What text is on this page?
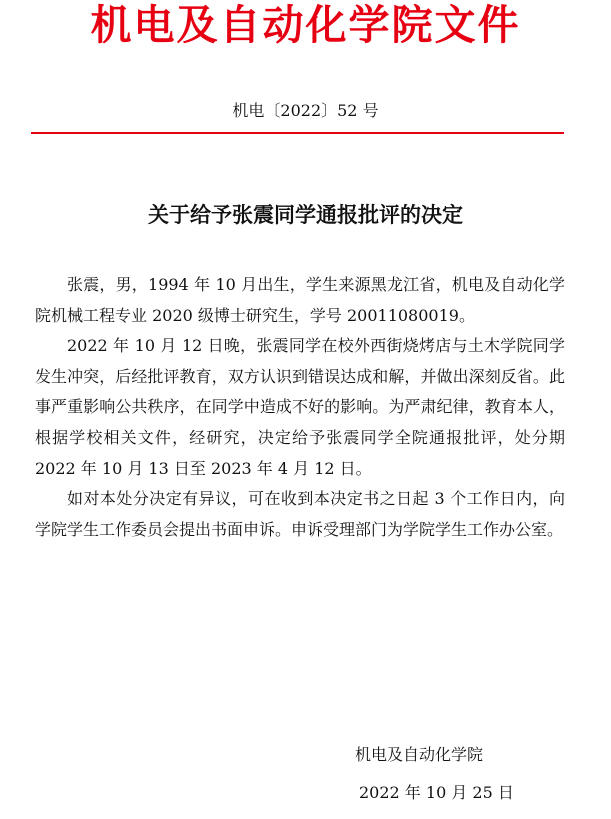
机电及自动化学院文件
机电〔2022〕52 号
关于给予张震同学通报批评的决定

张震，男，1994 年 10 月出生，学生来源黑龙江省，机电及自动化学院机械工程专业 2020 级博士研究生，学号 20011080019。

2022 年 10 月 12 日晚，张震同学在校外西街烧烤店与土木学院同学发生冲突，后经批评教育，双方认识到错误达成和解，并做出深刻反省。此事严重影响公共秩序，在同学中造成不好的影响。为严肃纪律，教育本人，根据学校相关文件，经研究，决定给予张震同学全院通报批评，处分期 2022 年 10 月 13 日至 2023 年 4 月 12 日。

如对本处分决定有异议，可在收到本决定书之日起 3 个工作日内，向学院学生工作委员会提出书面申诉。申诉受理部门为学院学生工作办公室。

机电及自动化学院
2022 年 10 月 25 日
